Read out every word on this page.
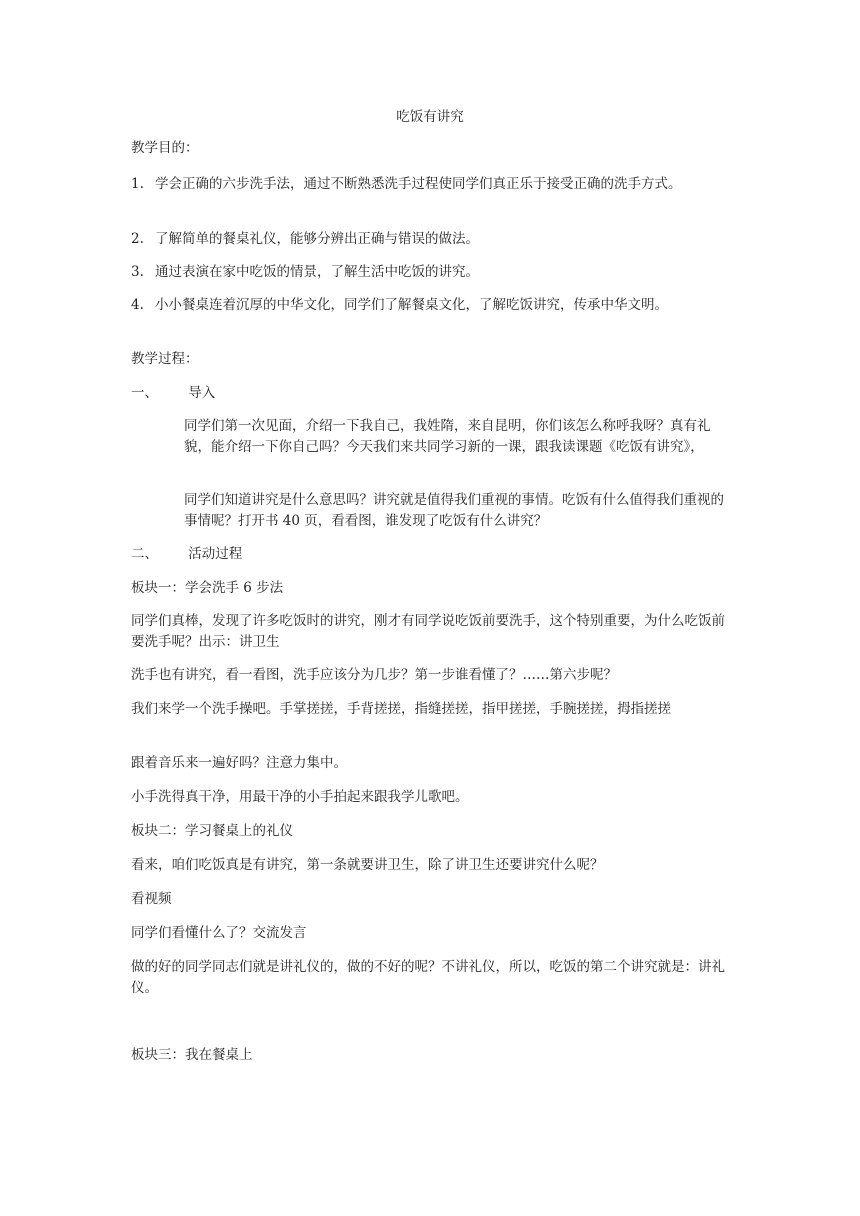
吃饭有讲究
教学目的：
1. 学会正确的六步洗手法，通过不断熟悉洗手过程使同学们真正乐于接受正确的洗手方式。
2. 了解简单的餐桌礼仪，能够分辨出正确与错误的做法。
3. 通过表演在家中吃饭的情景，了解生活中吃饭的讲究。
4. 小小餐桌连着沉厚的中华文化，同学们了解餐桌文化，了解吃饭讲究，传承中华文明。
教学过程：
一、 导入
同学们第一次见面，介绍一下我自己，我姓隋，来自昆明，你们该怎么称呼我呀？真有礼貌，能介绍一下你自己吗？今天我们来共同学习新的一课，跟我读课题《吃饭有讲究》，
同学们知道讲究是什么意思吗？讲究就是值得我们重视的事情。吃饭有什么值得我们重视的事情呢？打开书 40 页，看看图，谁发现了吃饭有什么讲究？
二、 活动过程
板块一：学会洗手 6 步法
同学们真棒，发现了许多吃饭时的讲究，刚才有同学说吃饭前要洗手，这个特别重要，为什么吃饭前要洗手呢？出示：讲卫生
洗手也有讲究，看一看图，洗手应该分为几步？第一步谁看懂了？……第六步呢？
我们来学一个洗手操吧。手掌搓搓，手背搓搓，指缝搓搓，指甲搓搓，手腕搓搓，拇指搓搓
跟着音乐来一遍好吗？注意力集中。
小手洗得真干净，用最干净的小手拍起来跟我学儿歌吧。
板块二：学习餐桌上的礼仪
看来，咱们吃饭真是有讲究，第一条就要讲卫生，除了讲卫生还要讲究什么呢？
看视频
同学们看懂什么了？交流发言
做的好的同学同志们就是讲礼仪的，做的不好的呢？不讲礼仪，所以，吃饭的第二个讲究就是：讲礼仪。
板块三：我在餐桌上
